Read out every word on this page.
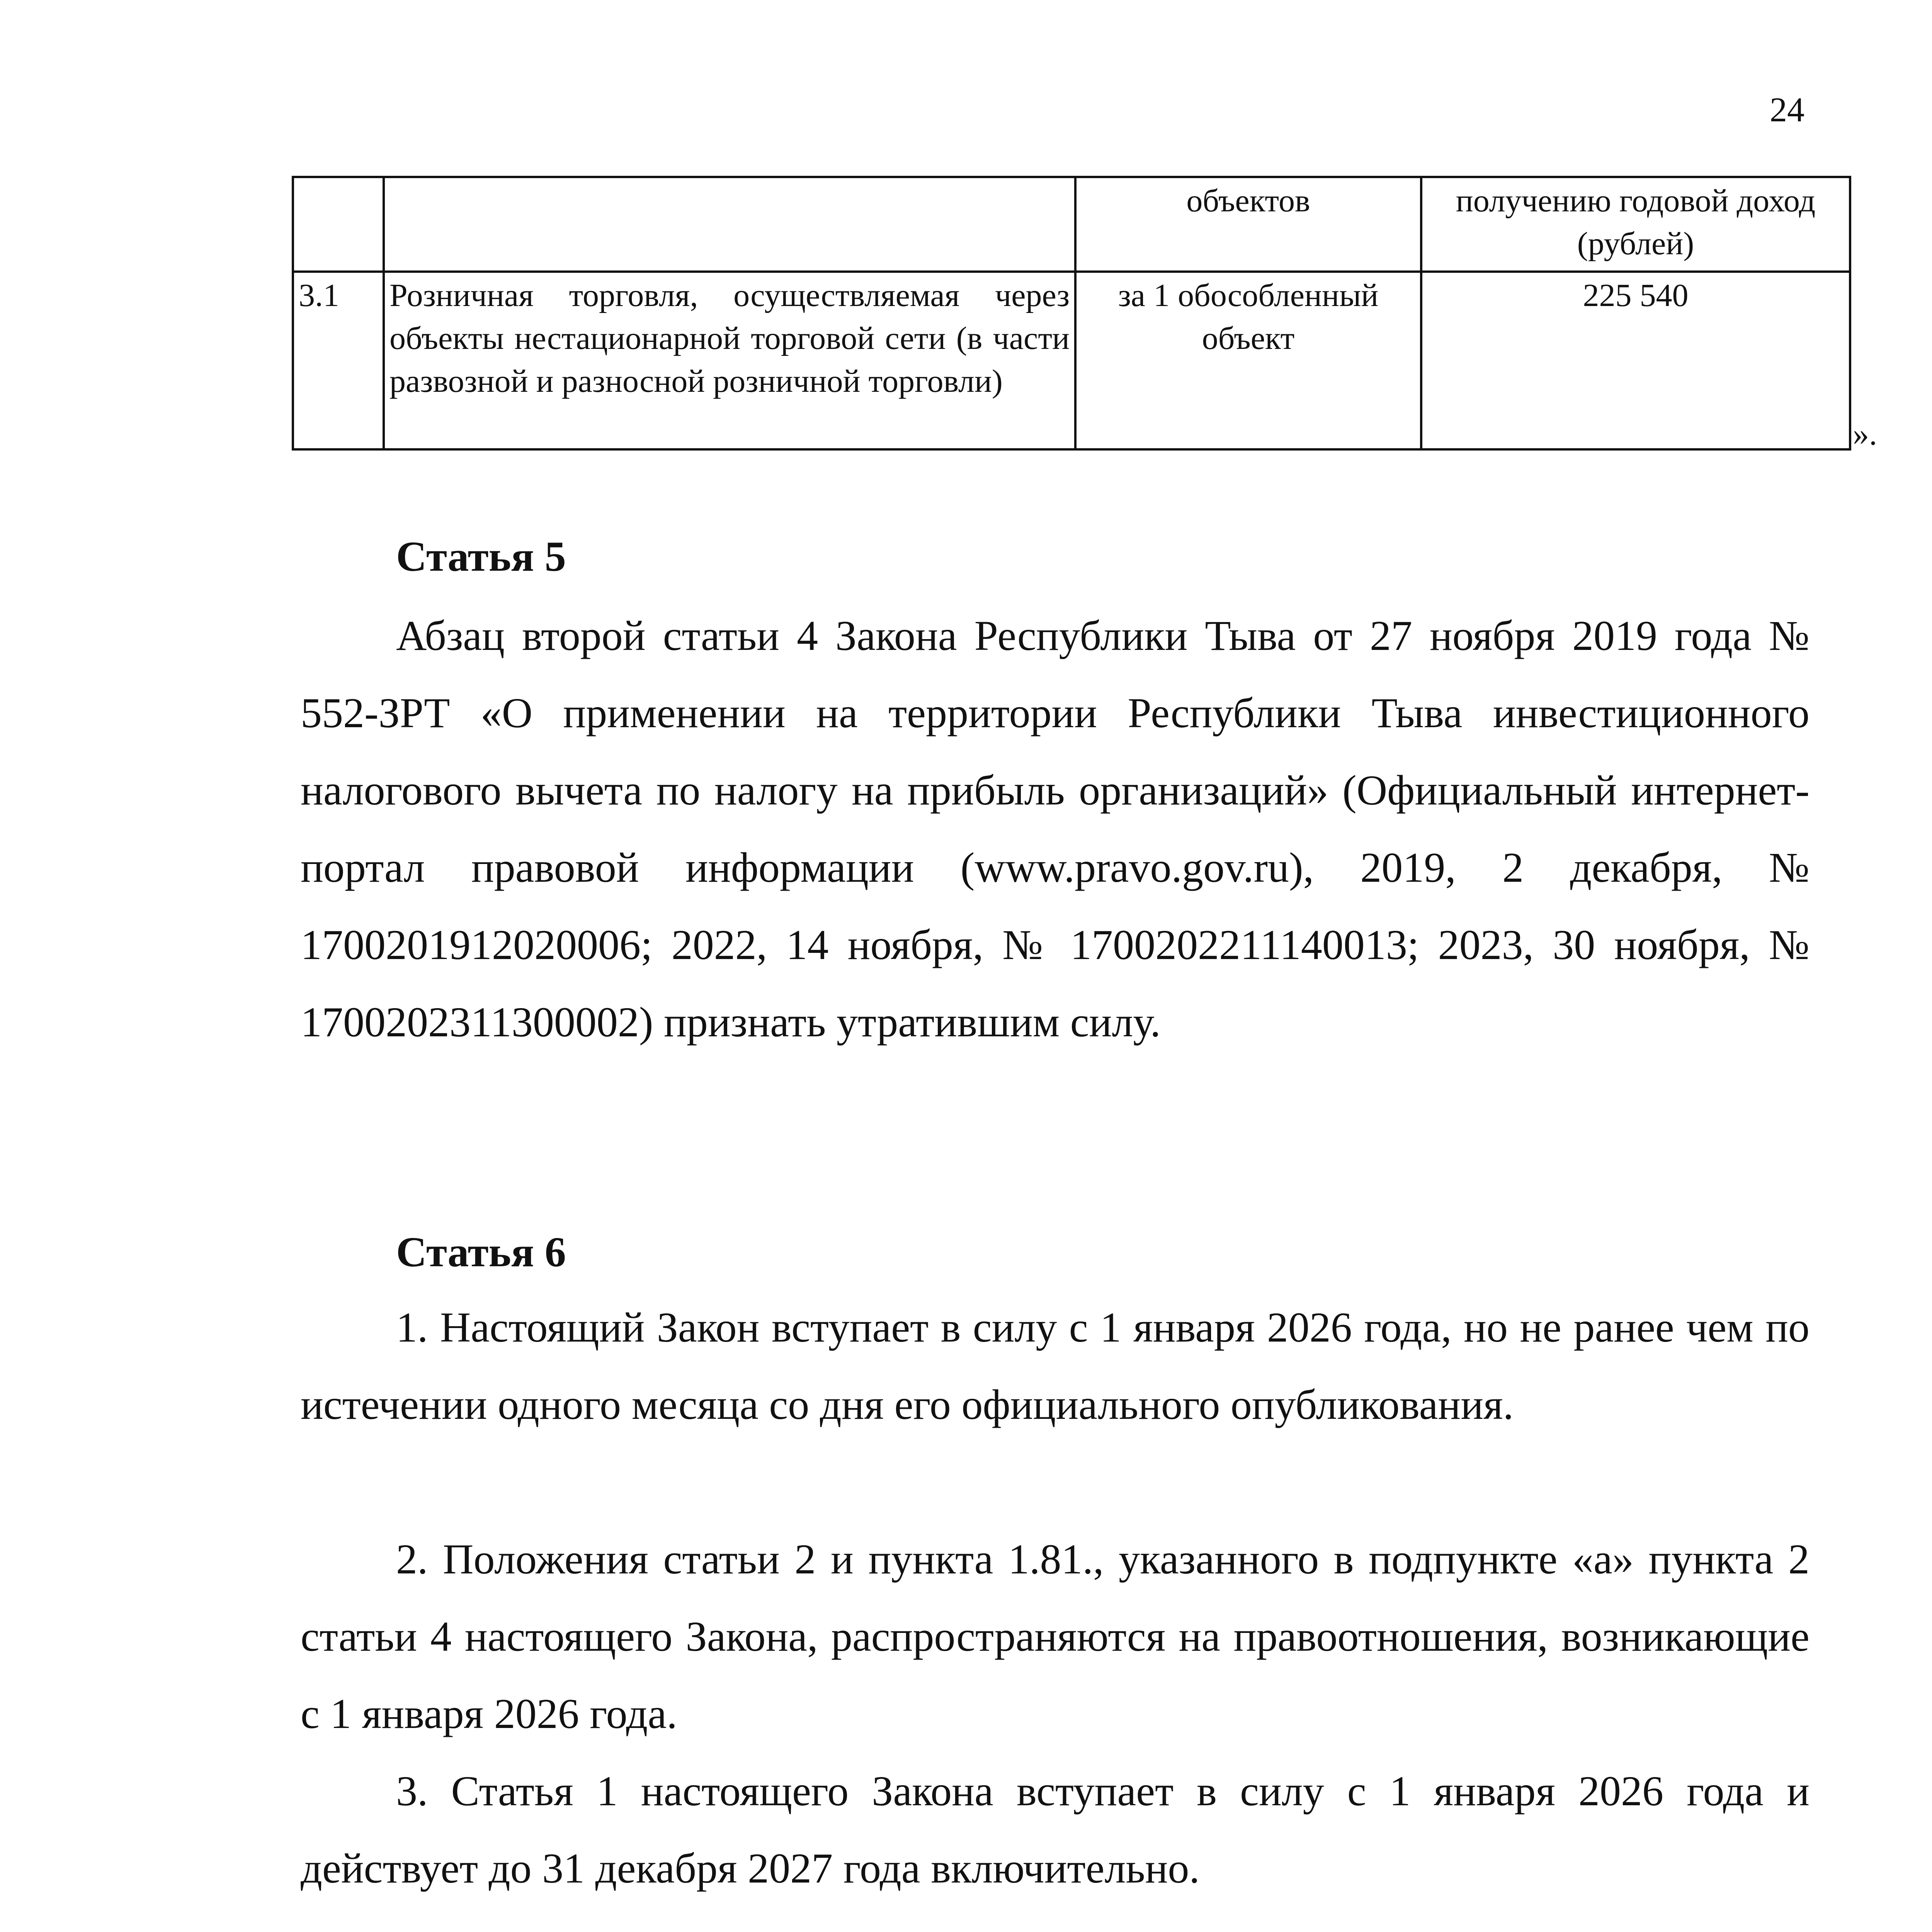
24
		объектов	получению годовой доход (рублей)
3.1	Розничная торговля, осуществляемая через объекты нестационарной торговой сети (в части развозной и разносной розничной торговли)	за 1 обособленный объект	225 540
».
Статья 5
Абзац второй статьи 4 Закона Республики Тыва от 27 ноября 2019 года № 552-ЗРТ «О применении на территории Республики Тыва инвестиционного налогового вычета по налогу на прибыль организаций» (Официальный интернет-портал правовой информации (www.pravo.gov.ru), 2019, 2 декабря, № 1700201912020006; 2022, 14 ноября, № 1700202211140013; 2023, 30 ноября, № 1700202311300002) признать утратившим силу.
Статья 6
1. Настоящий Закон вступает в силу с 1 января 2026 года, но не ранее чем по истечении одного месяца со дня его официального опубликования.
2. Положения статьи 2 и пункта 1.81., указанного в подпункте «а» пункта 2 статьи 4 настоящего Закона, распространяются на правоотношения, возникающие с 1 января 2026 года.
3. Статья 1 настоящего Закона вступает в силу с 1 января 2026 года и действует до 31 декабря 2027 года включительно.
